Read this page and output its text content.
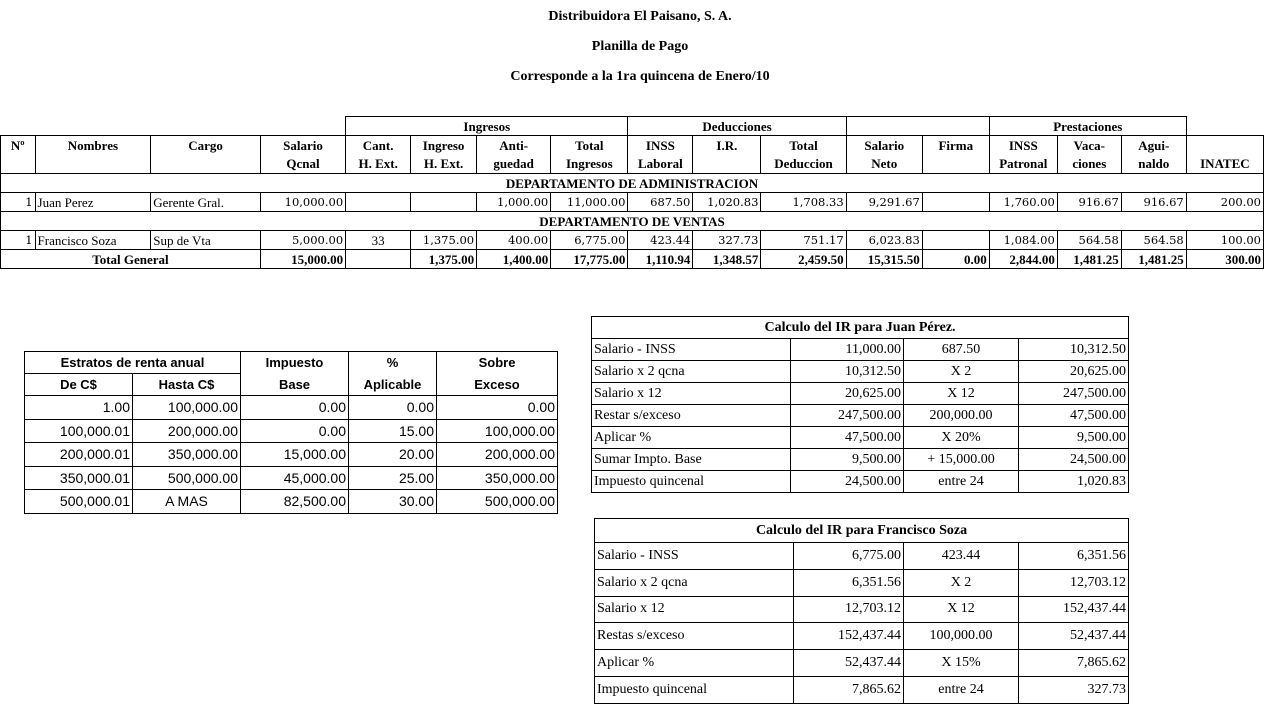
Distribuidora El Paisano, S. A.
Planilla de Pago
Corresponde a la 1ra quincena de Enero/10
				Ingresos				Deducciones					Prestaciones			
Nº	Nombres	Cargo	Salario	Cant.	Ingreso	Anti-	Total	INSS	I.R.	Total	Salario	Firma	INSS	Vaca-	Agui-	
			Qcnal	H. Ext.	H. Ext.	guedad	Ingresos	Laboral		Deduccion	Neto		Patronal	ciones	naldo	INATEC
DEPARTAMENTO DE ADMINISTRACION																
1	Juan Perez	Gerente Gral.	10,000.00			1,000.00	11,000.00	687.50	1,020.83	1,708.33	9,291.67		1,760.00	916.67	916.67	200.00
DEPARTAMENTO DE VENTAS																
1	Francisco Soza	Sup de Vta	5,000.00	33	1,375.00	400.00	6,775.00	423.44	327.73	751.17	6,023.83		1,084.00	564.58	564.58	100.00
Total General			15,000.00		1,375.00	1,400.00	17,775.00	1,110.94	1,348.57	2,459.50	15,315.50	0.00	2,844.00	1,481.25	1,481.25	300.00
Estratos de renta anual		Impuesto	%	Sobre
De C$	Hasta C$	Base	Aplicable	Exceso
1.00	100,000.00	0.00	0.00	0.00
100,000.01	200,000.00	0.00	15.00	100,000.00
200,000.01	350,000.00	15,000.00	20.00	200,000.00
350,000.01	500,000.00	45,000.00	25.00	350,000.00
500,000.01	A MAS	82,500.00	30.00	500,000.00
Calculo del IR para Juan Pérez.			
Salario - INSS	11,000.00	687.50	10,312.50
Salario x 2 qcna	10,312.50	X 2	20,625.00
Salario x 12	20,625.00	X 12	247,500.00
Restar s/exceso	247,500.00	200,000.00	47,500.00
Aplicar %	47,500.00	X 20%	9,500.00
Sumar Impto. Base	9,500.00	+ 15,000.00	24,500.00
Impuesto quincenal	24,500.00	entre 24	1,020.83
Calculo del IR para Francisco Soza			
Salario - INSS	6,775.00	423.44	6,351.56
Salario x 2 qcna	6,351.56	X 2	12,703.12
Salario x 12	12,703.12	X 12	152,437.44
Restas s/exceso	152,437.44	100,000.00	52,437.44
Aplicar %	52,437.44	X 15%	7,865.62
Impuesto quincenal	7,865.62	entre 24	327.73
